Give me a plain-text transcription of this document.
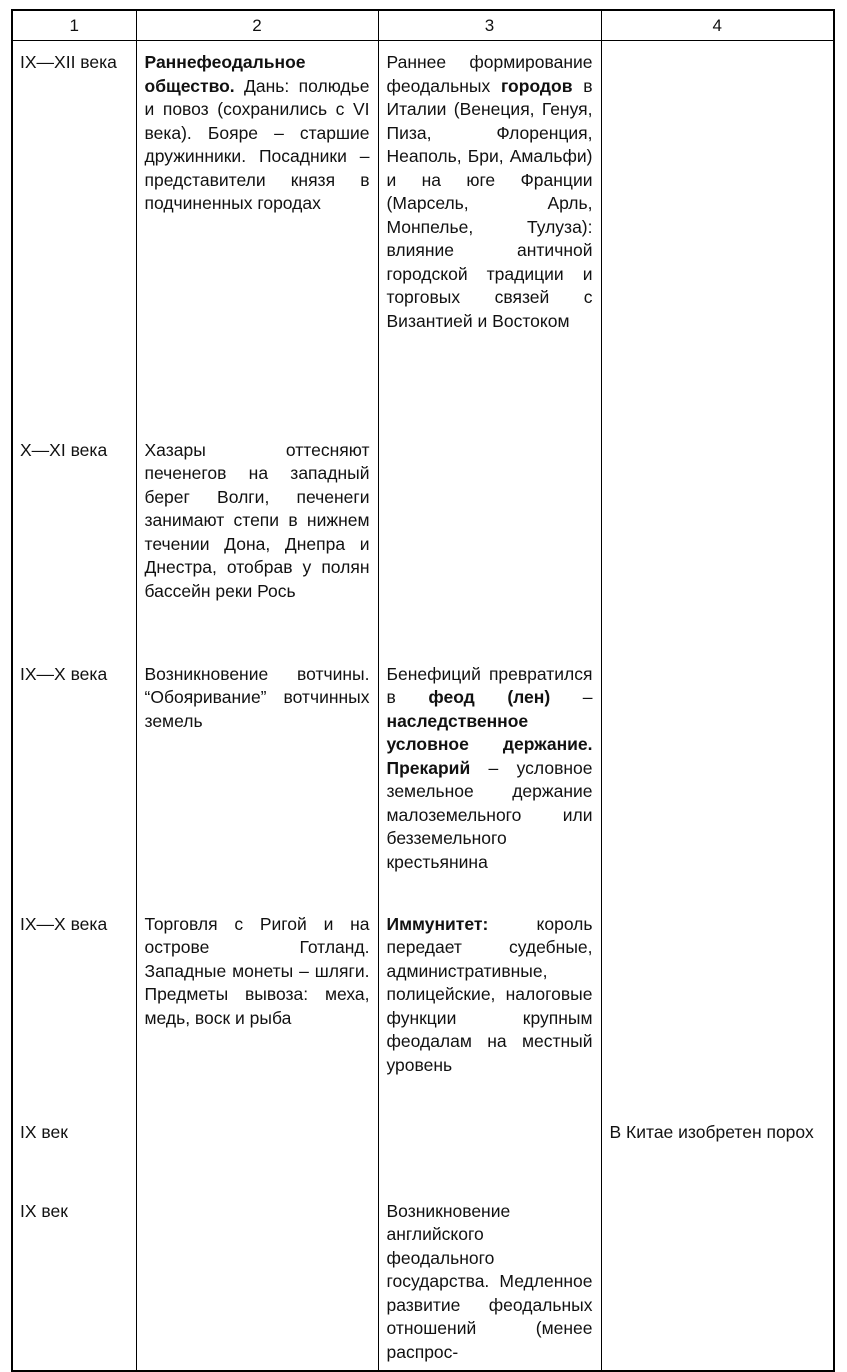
1	2	3	4
IX—XII века	Раннефеодальное общество. Дань: полюдье и повоз (сохранились с VI века). Бояре – старшие дружинники. Посадники – представители князя в подчиненных городах	Раннее формирование феодальных городов в Италии (Венеция, Генуя, Пиза, Флоренция, Неаполь, Бри, Амальфи) и на юге Франции (Марсель, Арль, Монпелье, Тулуза): влияние античной городской традиции и торговых связей с Византией и Востоком	
X—XI века	Хазары оттесняют печенегов на западный берег Волги, печенеги занимают степи в нижнем течении Дона, Днепра и Днестра, отобрав у полян бассейн реки Рось		
IX—X века	Возникновение вотчины. “Обояривание” вотчинных земель	Бенефиций превратился в феод (лен) – наследственное условное держание. Прекарий – условное земельное держание малоземельного или безземельного крестьянина	
IX—X века	Торговля с Ригой и на острове Готланд. Западные монеты – шляги. Предметы вывоза: меха, медь, воск и рыба	Иммунитет: король передает судебные, административные, полицейские, налоговые функции крупным феодалам на местный уровень	
IX век			В Китае изобретен порох
IX век		Возникновение английского феодального государства. Медленное развитие феодальных отношений (менее распрос-	
